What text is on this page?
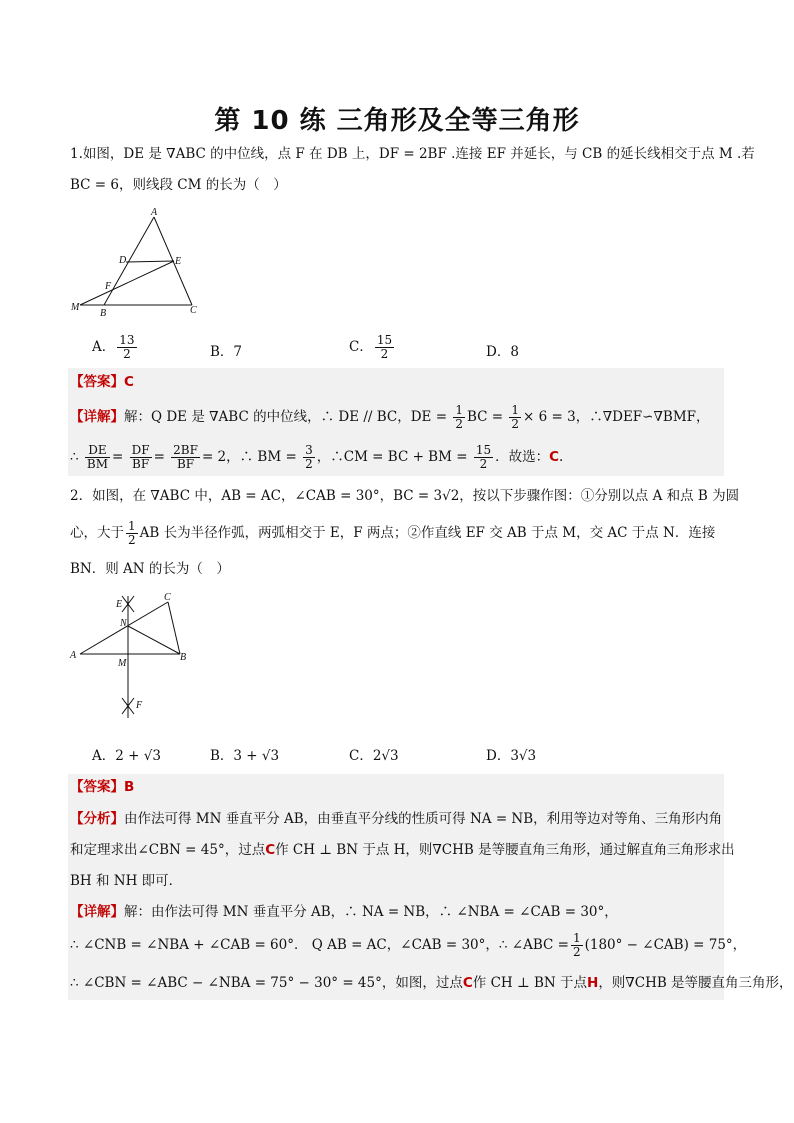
第 10 练 三角形及全等三角形
1.如图，DE 是 ∇ABC 的中位线，点 F 在 DB 上，DF = 2BF .连接 EF 并延长，与 CB 的延长线相交于点 M .若
BC = 6，则线段 CM 的长为（　）
A
D	E
F
M
B	C
A． $\frac{13}{2}$	B．7	C． $\frac{15}{2}$	D．8
【答案】C
【详解】解：Q DE 是 ∇ABC 的中位线，∴ DE // BC，DE = $\frac{1}{2}$ BC = $\frac{1}{2} \times 6 = 3$，∴∇DEF∽∇BMF，
∴ $\frac{DE}{BM} = \frac{DF}{BF} = \frac{2BF}{BF} = 2$，∴ BM = $\frac{3}{2}$ ，∴CM = BC + BM = $\frac{15}{2}$ ．故选：C.
2．如图，在 ∇ABC 中，AB = AC，∠CAB = 30°，BC = 3√2，按以下步骤作图：①分别以点 A 和点 B 为圆
心，大于 $\frac{1}{2}$ AB 长为半径作弧，两弧相交于 E，F 两点；②作直线 EF 交 AB 于点 M，交 AC 于点 N．连接
BN．则 AN 的长为（　）
E
C
N
A
M
B
F
A．2 + √3	B．3 + √3	C．2√3	D．3√3
【答案】B
【分析】由作法可得 MN 垂直平分 AB，由垂直平分线的性质可得 NA = NB，利用等边对等角、三角形内角
和定理求出∠CBN = 45°，过点C作 CH ⊥ BN 于点 H，则∇CHB 是等腰直角三角形，通过解直角三角形求出
BH 和 NH 即可．
【详解】解：由作法可得 MN 垂直平分 AB，∴ NA = NB，∴ ∠NBA = ∠CAB = 30°，
∴ ∠CNB = ∠NBA + ∠CAB = 60°． Q AB = AC，∠CAB = 30°，∴ ∠ABC = $\frac{1}{2} (180^\circ$ − ∠CAB) = 75°，
∴ ∠CBN = ∠ABC − ∠NBA = 75° − 30° = 45°，如图，过点C作 CH ⊥ BN 于点H，则∇CHB 是等腰直角三角形，
